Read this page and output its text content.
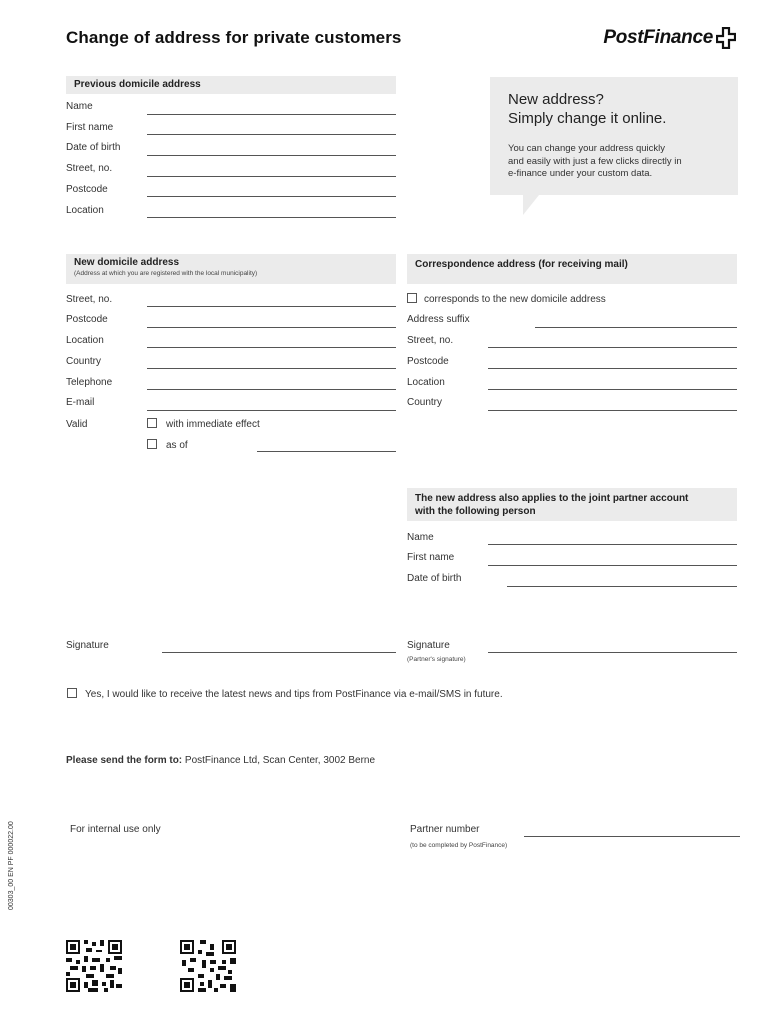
Change of address for private customers	PostFinance
Previous domicile address
Name
First name
Date of birth
Street, no.
Postcode
Location
New address?
Simply change it online.
You can change your address quickly
and easily with just a few clicks directly in
e-finance under your custom data.
New domicile address
(Address at which you are registered with the local municipality)
Street, no.
Postcode
Location
Country
Telephone
E-mail
Valid	with immediate effect
as of
Correspondence address (for receiving mail)
corresponds to the new domicile address
Address suffix
Street, no.
Postcode
Location
Country
The new address also applies to the joint partner account
with the following person
Name
First name
Date of birth
Signature	Signature
(Partner's signature)
Yes, I would like to receive the latest news and tips from PostFinance via e-mail/SMS in future.
Please send the form to: PostFinance Ltd, Scan Center, 3002 Berne
For internal use only	Partner number
(to be completed by PostFinance)
00303_00 EN PF 000022.00
